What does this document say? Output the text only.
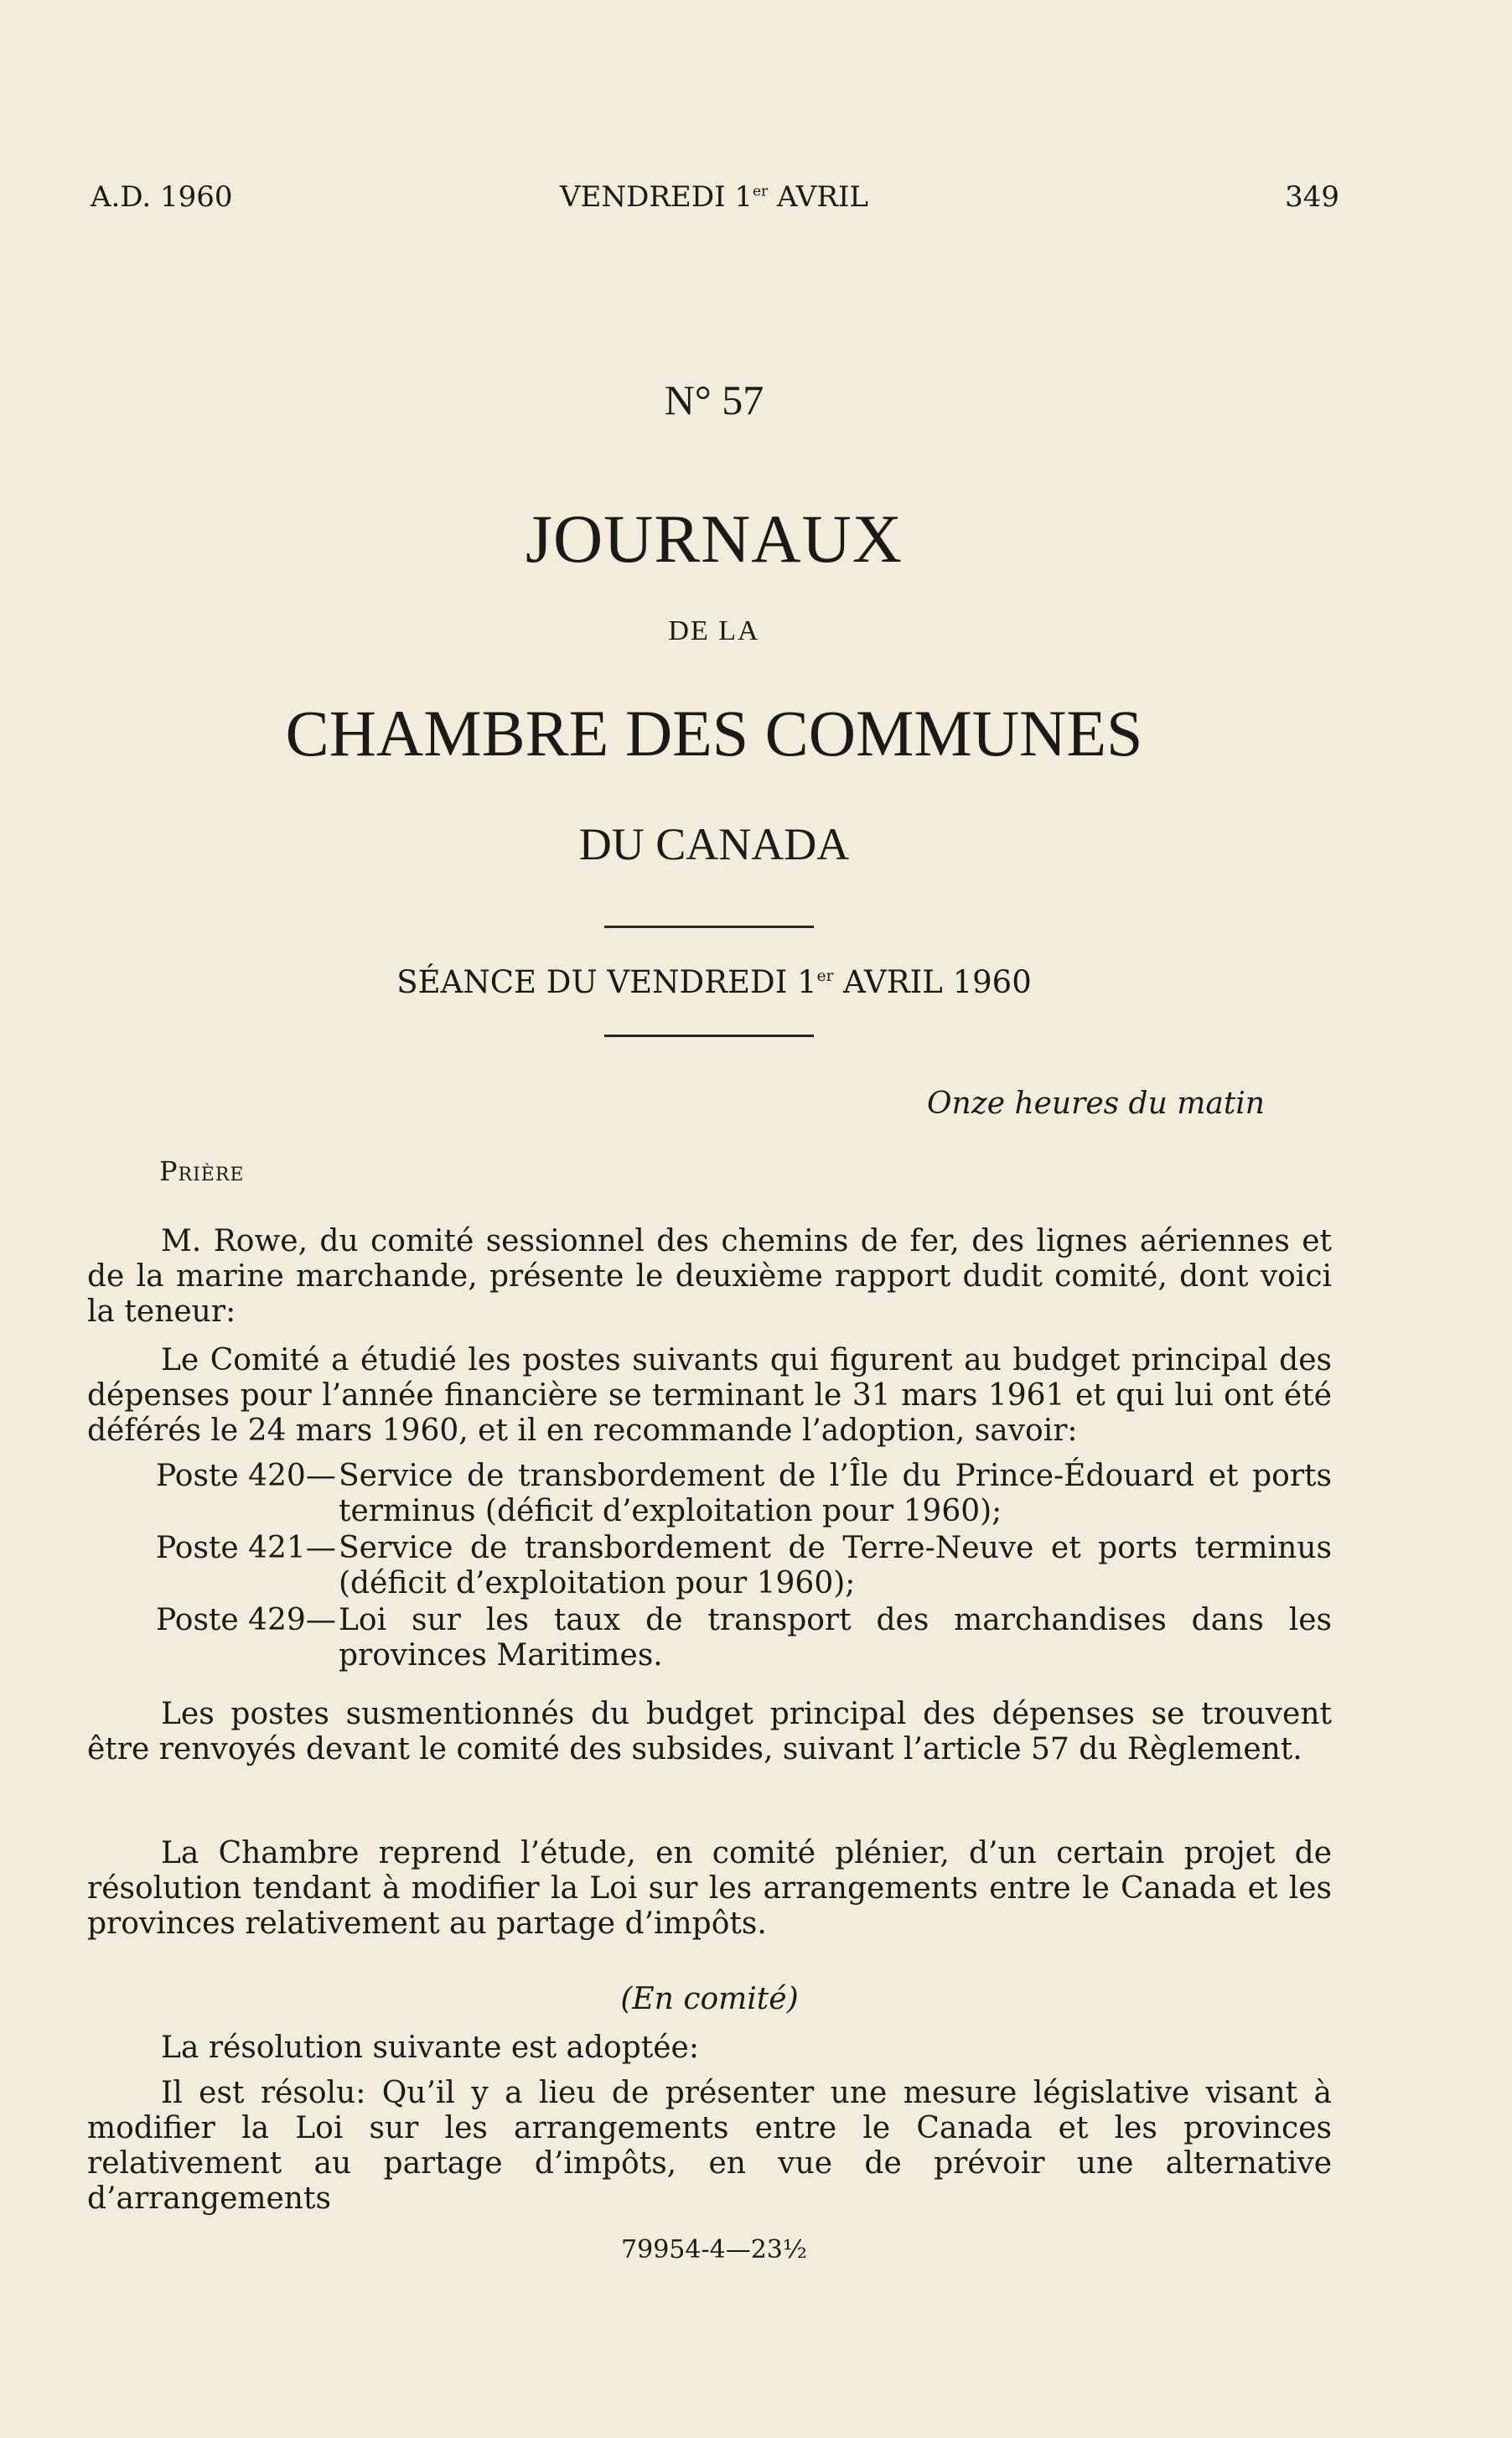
A.D. 1960	VENDREDI 1er AVRIL	349
N° 57
JOURNAUX
DE LA
CHAMBRE DES COMMUNES
DU CANADA
SÉANCE DU VENDREDI 1er AVRIL 1960
Onze heures du matin
Prière
M. Rowe, du comité sessionnel des chemins de fer, des lignes aériennes et de la marine marchande, présente le deuxième rapport dudit comité, dont voici la teneur:
Le Comité a étudié les postes suivants qui figurent au budget principal des dépenses pour l’année financière se terminant le 31 mars 1961 et qui lui ont été déférés le 24 mars 1960, et il en recommande l’adoption, savoir:
Poste 420— Service de transbordement de l’Île du Prince-Édouard et ports terminus (déficit d’exploitation pour 1960);
Poste 421— Service de transbordement de Terre-Neuve et ports terminus (déficit d’exploitation pour 1960);
Poste 429— Loi sur les taux de transport des marchandises dans les provinces Maritimes.
Les postes susmentionnés du budget principal des dépenses se trouvent être renvoyés devant le comité des subsides, suivant l’article 57 du Règlement.
La Chambre reprend l’étude, en comité plénier, d’un certain projet de résolution tendant à modifier la Loi sur les arrangements entre le Canada et les provinces relativement au partage d’impôts.
(En comité)
La résolution suivante est adoptée:
Il est résolu: Qu’il y a lieu de présenter une mesure législative visant à modifier la Loi sur les arrangements entre le Canada et les provinces relativement au partage d’impôts, en vue de prévoir une alternative d’arrangements
79954-4—23½
